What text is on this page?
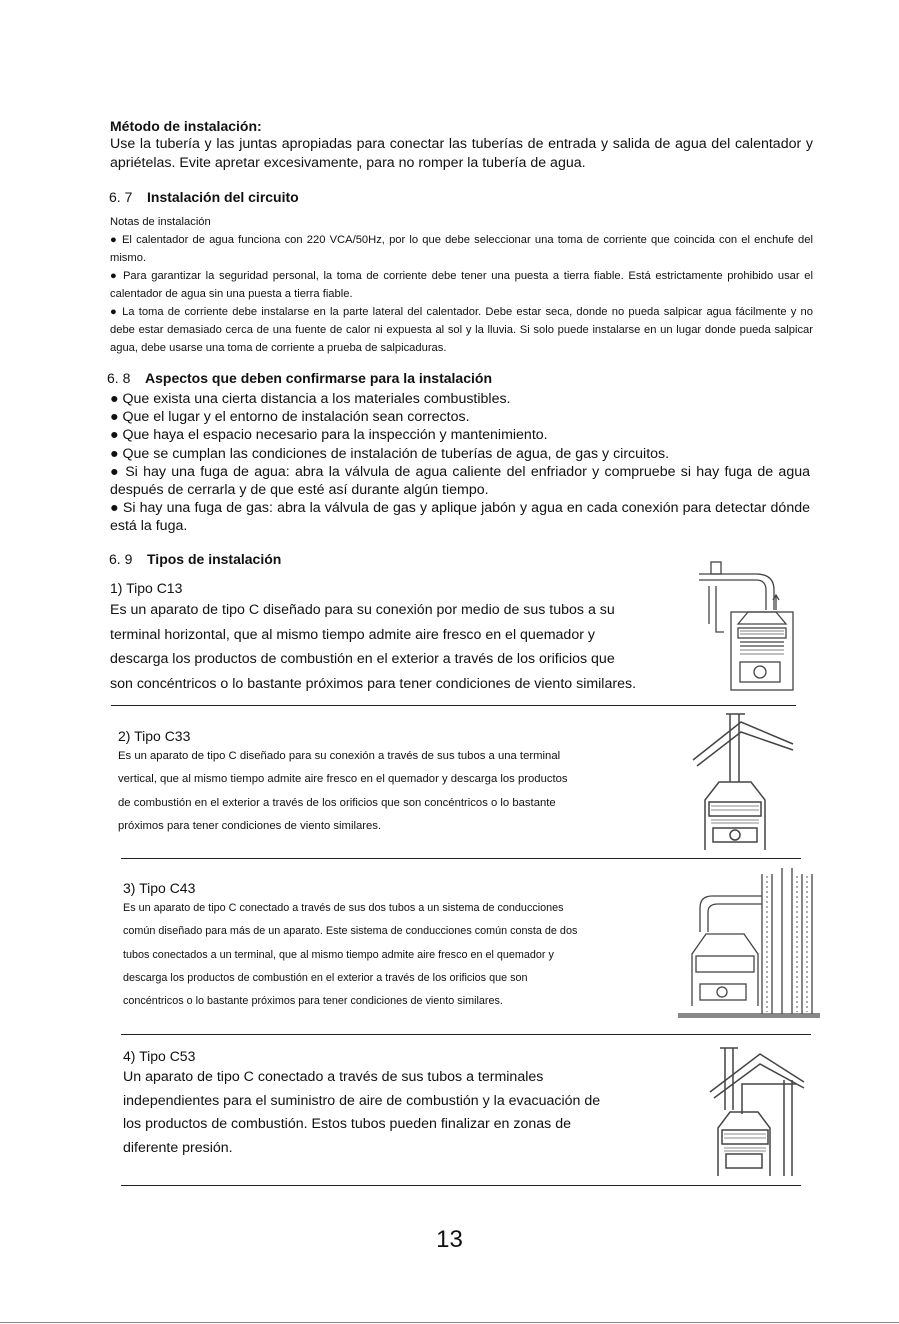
Método de instalación:
Use la tubería y las juntas apropiadas para conectar las tuberías de entrada y salida de agua del calentador y apriételas. Evite apretar excesivamente, para no romper la tubería de agua.
6. 7 Instalación del circuito
Notas de instalación
● El calentador de agua funciona con 220 VCA/50Hz, por lo que debe seleccionar una toma de corriente que coincida con el enchufe del mismo.
● Para garantizar la seguridad personal, la toma de corriente debe tener una puesta a tierra fiable. Está estrictamente prohibido usar el calentador de agua sin una puesta a tierra fiable.
● La toma de corriente debe instalarse en la parte lateral del calentador. Debe estar seca, donde no pueda salpicar agua fácilmente y no debe estar demasiado cerca de una fuente de calor ni expuesta al sol y la lluvia. Si solo puede instalarse en un lugar donde pueda salpicar agua, debe usarse una toma de corriente a prueba de salpicaduras.
6. 8 Aspectos que deben confirmarse para la instalación
● Que exista una cierta distancia a los materiales combustibles.
● Que el lugar y el entorno de instalación sean correctos.
● Que haya el espacio necesario para la inspección y mantenimiento.
● Que se cumplan las condiciones de instalación de tuberías de agua, de gas y circuitos.
● Si hay una fuga de agua: abra la válvula de agua caliente del enfriador y compruebe si hay fuga de agua después de cerrarla y de que esté así durante algún tiempo.
● Si hay una fuga de gas: abra la válvula de gas y aplique jabón y agua en cada conexión para detectar dónde está la fuga.
6. 9 Tipos de instalación
1) Tipo C13
Es un aparato de tipo C diseñado para su conexión por medio de sus tubos a su
terminal horizontal, que al mismo tiempo admite aire fresco en el quemador y
descarga los productos de combustión en el exterior a través de los orificios que
son concéntricos o lo bastante próximos para tener condiciones de viento similares.
2) Tipo C33
Es un aparato de tipo C diseñado para su conexión a través de sus tubos a una terminal
vertical, que al mismo tiempo admite aire fresco en el quemador y descarga los productos
de combustión en el exterior a través de los orificios que son concéntricos o lo bastante
próximos para tener condiciones de viento similares.
3) Tipo C43
Es un aparato de tipo C conectado a través de sus dos tubos a un sistema de conducciones
común diseñado para más de un aparato. Este sistema de conducciones común consta de dos
tubos conectados a un terminal, que al mismo tiempo admite aire fresco en el quemador y
descarga los productos de combustión en el exterior a través de los orificios que son
concéntricos o lo bastante próximos para tener condiciones de viento similares.
4) Tipo C53
Un aparato de tipo C conectado a través de sus tubos a terminales
independientes para el suministro de aire de combustión y la evacuación de
los productos de combustión. Estos tubos pueden finalizar en zonas de
diferente presión.
13
